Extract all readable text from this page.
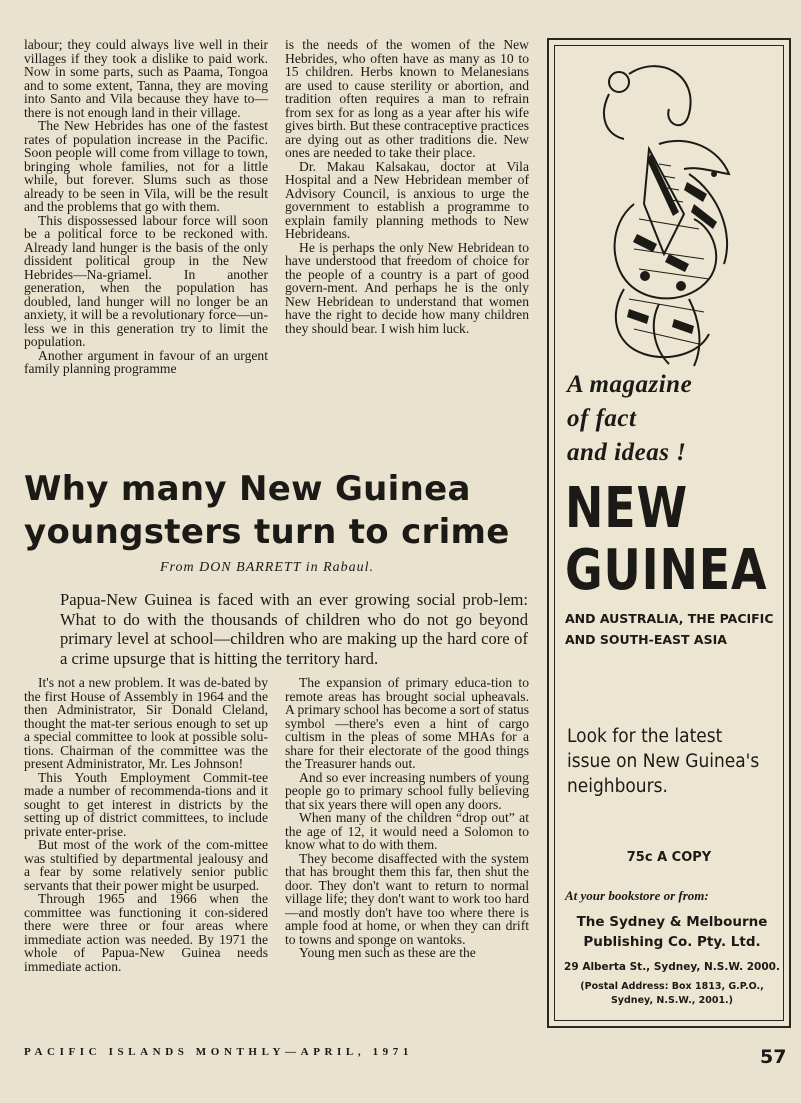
labour; they could always live well in their villages if they took a dislike to paid work. Now in some parts, such as Paama, Tongoa and to some extent, Tanna, they are moving into Santo and Vila because they have to—there is not enough land in their village.

The New Hebrides has one of the fastest rates of population increase in the Pacific. Soon people will come from village to town, bringing whole families, not for a little while, but forever. Slums such as those already to be seen in Vila, will be the result and the problems that go with them.

This dispossessed labour force will soon be a political force to be reckoned with. Already land hunger is the basis of the only dissident political group in the New Hebrides—Na-griamel. In another generation, when the population has doubled, land hunger will no longer be an anxiety, it will be a revolutionary force—un-less we in this generation try to limit the population.

Another argument in favour of an urgent family planning programme

is the needs of the women of the New Hebrides, who often have as many as 10 to 15 children. Herbs known to Melanesians are used to cause sterility or abortion, and tradition often requires a man to refrain from sex for as long as a year after his wife gives birth. But these contraceptive practices are dying out as other traditions die. New ones are needed to take their place.

Dr. Makau Kalsakau, doctor at Vila Hospital and a New Hebridean member of Advisory Council, is anxious to urge the government to establish a programme to explain family planning methods to New Hebrideans.

He is perhaps the only New Hebridean to have understood that freedom of choice for the people of a country is a part of good govern-ment. And perhaps he is the only New Hebridean to understand that women have the right to decide how many children they should bear. I wish him luck.

Why many New Guinea youngsters turn to crime
From DON BARRETT in Rabaul.

Papua-New Guinea is faced with an ever growing social prob-lem: What to do with the thousands of children who do not go beyond primary level at school—children who are making up the hard core of a crime upsurge that is hitting the territory hard.

It's not a new problem. It was de-bated by the first House of Assembly in 1964 and the then Administrator, Sir Donald Cleland, thought the mat-ter serious enough to set up a special committee to look at possible solu-tions. Chairman of the committee was the present Administrator, Mr. Les Johnson!

This Youth Employment Commit-tee made a number of recommenda-tions and it sought to get interest in districts by the setting up of district committees, to include private enter-prise.

But most of the work of the com-mittee was stultified by departmental jealousy and a fear by some relatively senior public servants that their power might be usurped.

Through 1965 and 1966 when the committee was functioning it con-sidered there were three or four areas where immediate action was needed. By 1971 the whole of Papua-New Guinea needs immediate action.

The expansion of primary educa-tion to remote areas has brought social upheavals. A primary school has become a sort of status symbol —there's even a hint of cargo cultism in the pleas of some MHAs for a share for their electorate of the good things the Treasurer hands out.

And so ever increasing numbers of young people go to primary school fully believing that six years there will open any doors.

When many of the children “drop out” at the age of 12, it would need a Solomon to know what to do with them.

They become disaffected with the system that has brought them this far, then shut the door. They don't want to return to normal village life; they don't want to work too hard—and mostly don't have too where there is ample food at home, or when they can drift to towns and sponge on wantoks.

Young men such as these are the

A magazine
of fact
and ideas !
NEW
GUINEA
AND AUSTRALIA, THE PACIFIC
AND SOUTH-EAST ASIA
Look for the latest issue on New Guinea's neighbours.
75c A COPY
At your bookstore or from:
The Sydney & Melbourne
Publishing Co. Pty. Ltd.
29 Alberta St., Sydney, N.S.W. 2000.
(Postal Address: Box 1813, G.P.O.,
Sydney, N.S.W., 2001.)
PACIFIC ISLANDS MONTHLY—APRIL, 1971	57
